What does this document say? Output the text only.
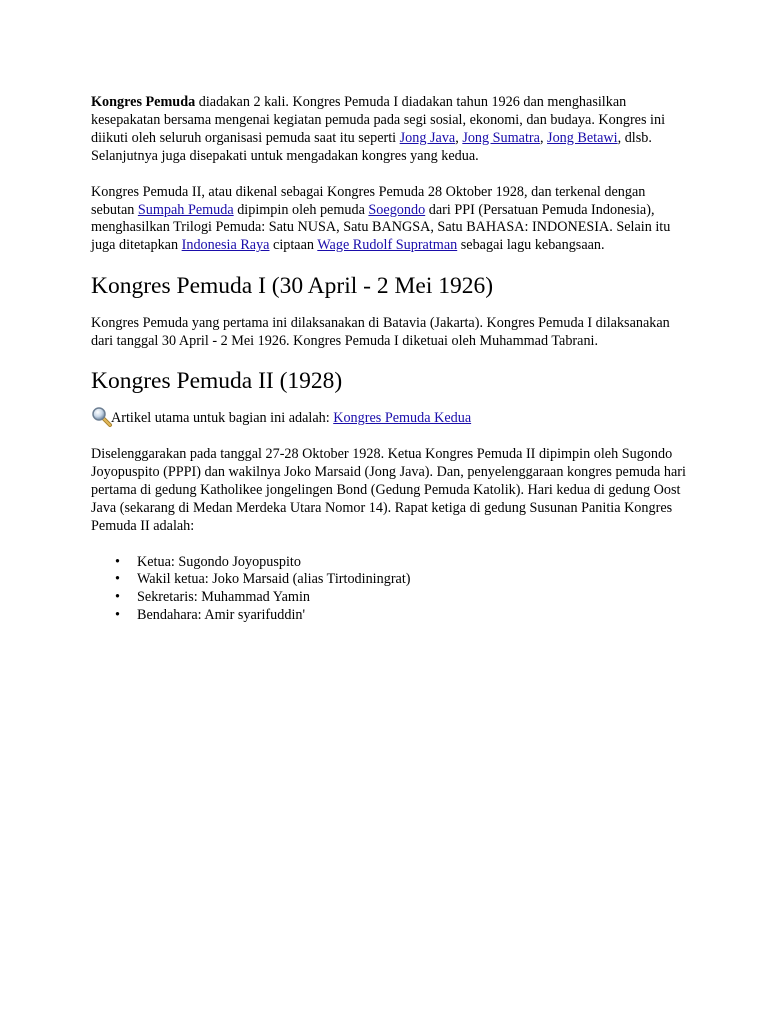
Kongres Pemuda diadakan 2 kali. Kongres Pemuda I diadakan tahun 1926 dan menghasilkan kesepakatan bersama mengenai kegiatan pemuda pada segi sosial, ekonomi, dan budaya. Kongres ini diikuti oleh seluruh organisasi pemuda saat itu seperti Jong Java, Jong Sumatra, Jong Betawi, dlsb. Selanjutnya juga disepakati untuk mengadakan kongres yang kedua.

Kongres Pemuda II, atau dikenal sebagai Kongres Pemuda 28 Oktober 1928, dan terkenal dengan sebutan Sumpah Pemuda dipimpin oleh pemuda Soegondo dari PPI (Persatuan Pemuda Indonesia), menghasilkan Trilogi Pemuda: Satu NUSA, Satu BANGSA, Satu BAHASA: INDONESIA. Selain itu juga ditetapkan Indonesia Raya ciptaan Wage Rudolf Supratman sebagai lagu kebangsaan.

Kongres Pemuda I (30 April - 2 Mei 1926)

Kongres Pemuda yang pertama ini dilaksanakan di Batavia (Jakarta). Kongres Pemuda I dilaksanakan dari tanggal 30 April - 2 Mei 1926. Kongres Pemuda I diketuai oleh Muhammad Tabrani.

Kongres Pemuda II (1928)

Artikel utama untuk bagian ini adalah: Kongres Pemuda Kedua

Diselenggarakan pada tanggal 27-28 Oktober 1928. Ketua Kongres Pemuda II dipimpin oleh Sugondo Joyopuspito (PPPI) dan wakilnya Joko Marsaid (Jong Java). Dan, penyelenggaraan kongres pemuda hari pertama di gedung Katholikee jongelingen Bond (Gedung Pemuda Katolik). Hari kedua di gedung Oost Java (sekarang di Medan Merdeka Utara Nomor 14). Rapat ketiga di gedung Susunan Panitia Kongres Pemuda II adalah:

• Ketua: Sugondo Joyopuspito
• Wakil ketua: Joko Marsaid (alias Tirtodiningrat)
• Sekretaris: Muhammad Yamin
• Bendahara: Amir syarifuddin'
